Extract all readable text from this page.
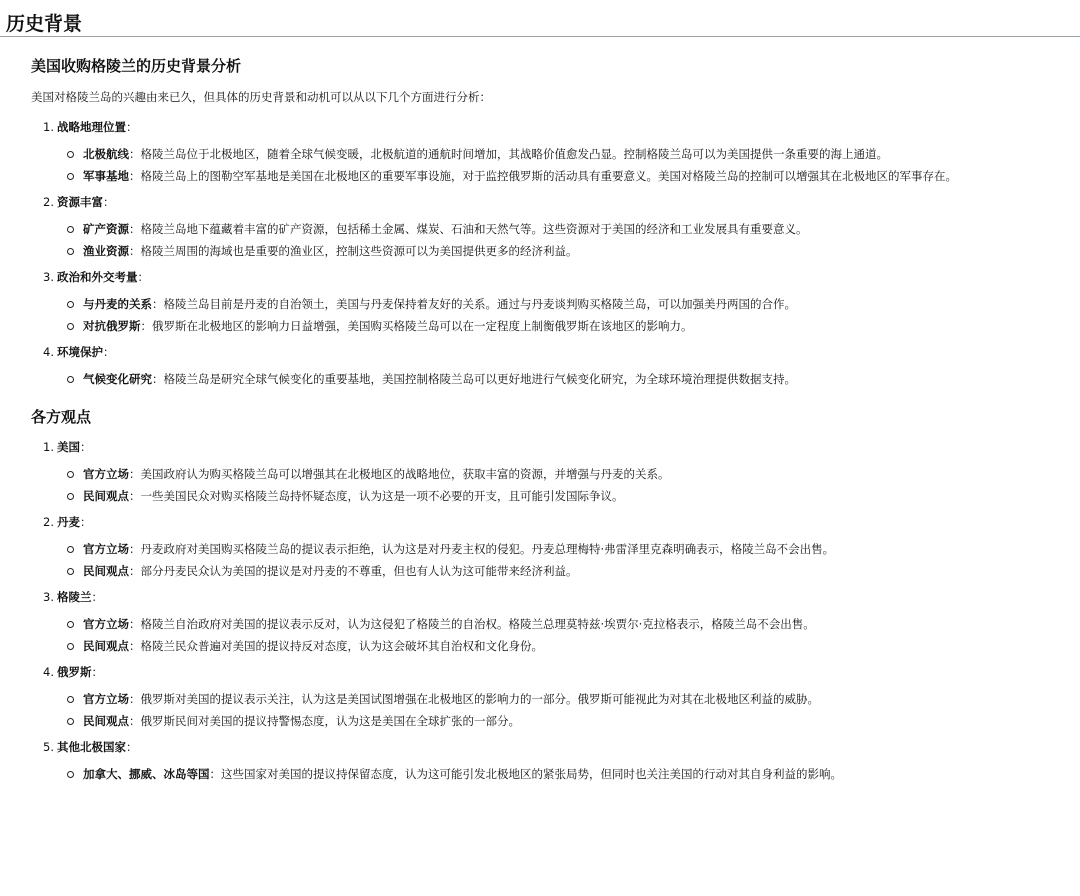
历史背景
美国收购格陵兰的历史背景分析

美国对格陵兰岛的兴趣由来已久，但具体的历史背景和动机可以从以下几个方面进行分析：

1. 战略地理位置：
北极航线：格陵兰岛位于北极地区，随着全球气候变暖，北极航道的通航时间增加，其战略价值愈发凸显。控制格陵兰岛可以为美国提供一条重要的海上通道。
军事基地：格陵兰岛上的图勒空军基地是美国在北极地区的重要军事设施，对于监控俄罗斯的活动具有重要意义。美国对格陵兰岛的控制可以增强其在北极地区的军事存在。
2. 资源丰富：
矿产资源：格陵兰岛地下蕴藏着丰富的矿产资源，包括稀土金属、煤炭、石油和天然气等。这些资源对于美国的经济和工业发展具有重要意义。
渔业资源：格陵兰周围的海域也是重要的渔业区，控制这些资源可以为美国提供更多的经济利益。
3. 政治和外交考量：
与丹麦的关系：格陵兰岛目前是丹麦的自治领土，美国与丹麦保持着友好的关系。通过与丹麦谈判购买格陵兰岛，可以加强美丹两国的合作。
对抗俄罗斯：俄罗斯在北极地区的影响力日益增强，美国购买格陵兰岛可以在一定程度上制衡俄罗斯在该地区的影响力。
4. 环境保护：
气候变化研究：格陵兰岛是研究全球气候变化的重要基地，美国控制格陵兰岛可以更好地进行气候变化研究，为全球环境治理提供数据支持。
各方观点
1. 美国：
官方立场：美国政府认为购买格陵兰岛可以增强其在北极地区的战略地位，获取丰富的资源，并增强与丹麦的关系。
民间观点：一些美国民众对购买格陵兰岛持怀疑态度，认为这是一项不必要的开支，且可能引发国际争议。
2. 丹麦：
官方立场：丹麦政府对美国购买格陵兰岛的提议表示拒绝，认为这是对丹麦主权的侵犯。丹麦总理梅特·弗雷泽里克森明确表示，格陵兰岛不会出售。
民间观点：部分丹麦民众认为美国的提议是对丹麦的不尊重，但也有人认为这可能带来经济利益。
3. 格陵兰：
官方立场：格陵兰自治政府对美国的提议表示反对，认为这侵犯了格陵兰的自治权。格陵兰总理莫特兹·埃贾尔·克拉格表示，格陵兰岛不会出售。
民间观点：格陵兰民众普遍对美国的提议持反对态度，认为这会破坏其自治权和文化身份。
4. 俄罗斯：
官方立场：俄罗斯对美国的提议表示关注，认为这是美国试图增强在北极地区的影响力的一部分。俄罗斯可能视此为对其在北极地区利益的威胁。
民间观点：俄罗斯民间对美国的提议持警惕态度，认为这是美国在全球扩张的一部分。
5. 其他北极国家：
加拿大、挪威、冰岛等国：这些国家对美国的提议持保留态度，认为这可能引发北极地区的紧张局势，但同时也关注美国的行动对其自身利益的影响。
